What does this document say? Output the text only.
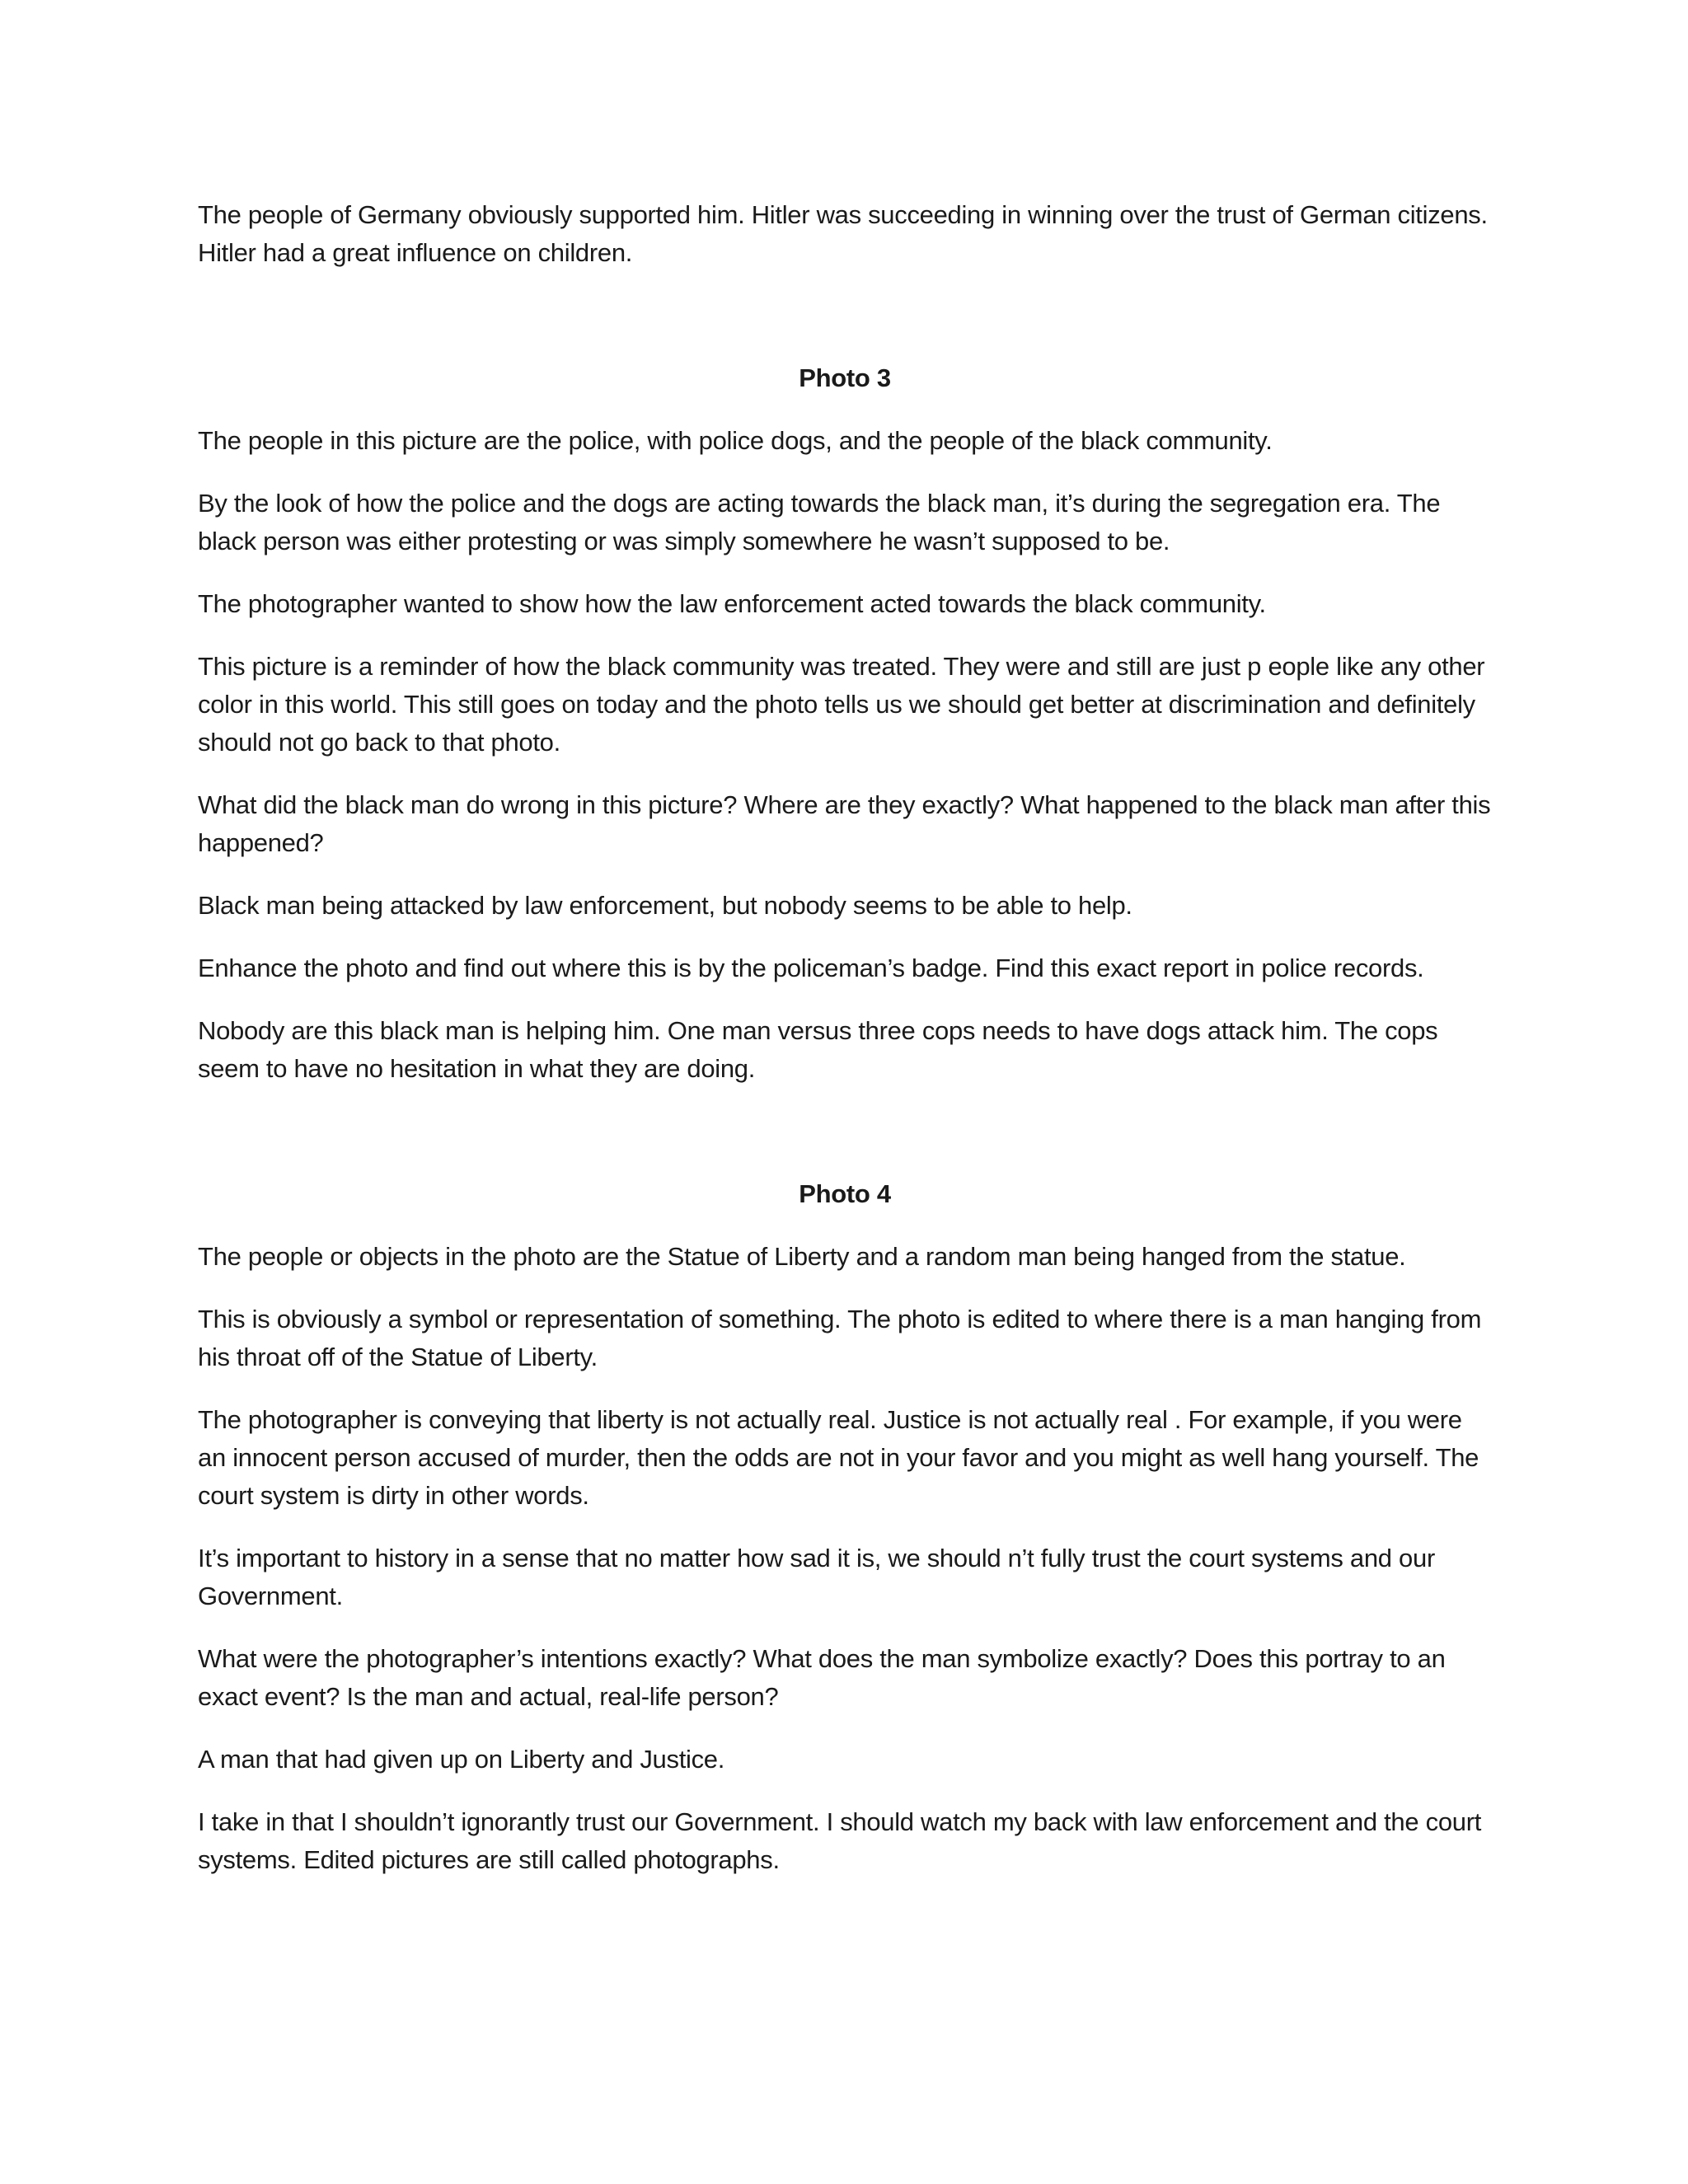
The people of Germany obviously supported him. Hitler was succeeding in winning over the trust of German citizens. Hitler had a great influence on children.

Photo 3

The people in this picture are the police, with police dogs, and the people of the black community.

By the look of how the police and the dogs are acting towards the black man, it’s during the segregation era. The black person was either protesting or was simply somewhere he wasn’t supposed to be.

The photographer wanted to show how the law enforcement acted towards the black community.

This picture is a reminder of how the black community was treated. They were and still are just p eople like any other color in this world. This still goes on today and the photo tells us we should get better at discrimination and definitely should not go back to that photo.

What did the black man do wrong in this picture? Where are they exactly? What happened to the black man after this happened?

Black man being attacked by law enforcement, but nobody seems to be able to help.

Enhance the photo and find out where this is by the policeman’s badge. Find this exact report in police records.

Nobody are this black man is helping him. One man versus three cops needs to have dogs attack him. The cops seem to have no hesitation in what they are doing.

Photo 4

The people or objects in the photo are the Statue of Liberty and a random man being hanged from the statue.

This is obviously a symbol or representation of something. The photo is edited to where there is a man hanging from his throat off of the Statue of Liberty.

The photographer is conveying that liberty is not actually real. Justice is not actually real . For example, if you were an innocent person accused of murder, then the odds are not in your favor and you might as well hang yourself. The court system is dirty in other words.

It’s important to history in a sense that no matter how sad it is, we should n’t fully trust the court systems and our Government.

What were the photographer’s intentions exactly? What does the man symbolize exactly? Does this portray to an exact event? Is the man and actual, real-life person?

A man that had given up on Liberty and Justice.

I take in that I shouldn’t ignorantly trust our Government. I should watch my back with law enforcement and the court systems. Edited pictures are still called photographs.
